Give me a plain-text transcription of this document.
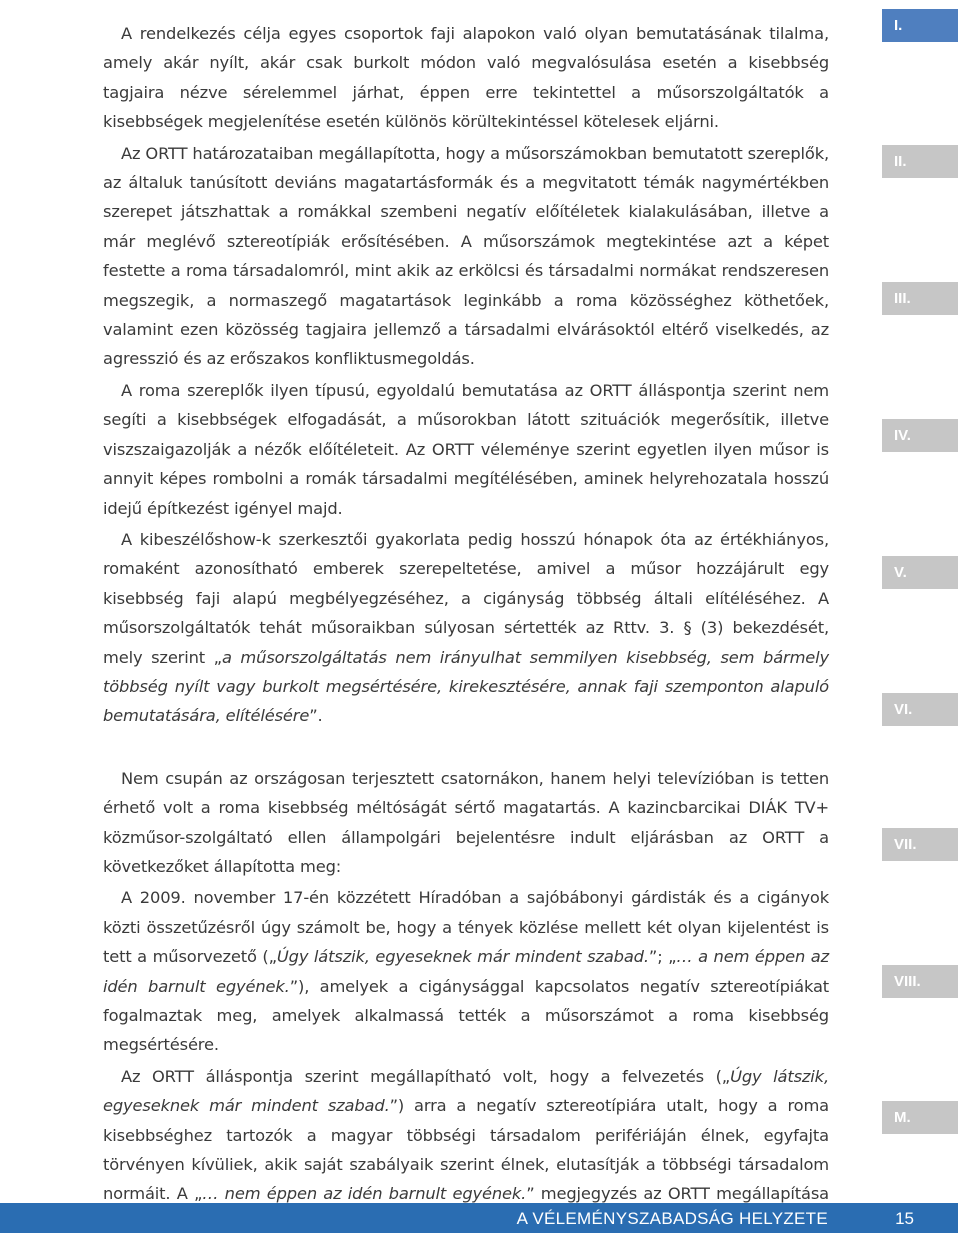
A rendelkezés célja egyes csoportok faji alapokon való olyan bemutatásának tilalma, amely akár nyílt, akár csak burkolt módon való megvalósulása esetén a kisebbség tagjaira nézve sérelemmel járhat, éppen erre tekintettel a műsorszolgáltatók a kisebbségek megjelenítése esetén különös körültekintéssel kötelesek eljárni.

Az ORTT határozataiban megállapította, hogy a műsorszámokban bemutatott szereplők, az általuk tanúsított deviáns magatartásformák és a megvitatott témák nagymértékben szerepet játszhattak a romákkal szembeni negatív előítéletek kialakulásában, illetve a már meglévő sztereotípiák erősítésében. A műsorszámok megtekintése azt a képet festette a roma társadalomról, mint akik az erkölcsi és társadalmi normákat rendszeresen megszegik, a normaszegő magatartások leginkább a roma közösséghez köthetőek, valamint ezen közösség tagjaira jellemző a társadalmi elvárásoktól eltérő viselkedés, az agresszió és az erőszakos konfliktusmegoldás.

A roma szereplők ilyen típusú, egyoldalú bemutatása az ORTT álláspontja szerint nem segíti a kisebbségek elfogadását, a műsorokban látott szituációk megerősítik, illetve viszszaigazolják a nézők előítéleteit. Az ORTT véleménye szerint egyetlen ilyen műsor is annyit képes rombolni a romák társadalmi megítélésében, aminek helyrehozatala hosszú idejű építkezést igényel majd.

A kibeszélőshow-k szerkesztői gyakorlata pedig hosszú hónapok óta az értékhiányos, romaként azonosítható emberek szerepeltetése, amivel a műsor hozzájárult egy kisebbség faji alapú megbélyegzéséhez, a cigányság többség általi elítéléséhez. A műsorszolgáltatók tehát műsoraikban súlyosan sértették az Rttv. 3. § (3) bekezdését, mely szerint „a műsorszolgáltatás nem irányulhat semmilyen kisebbség, sem bármely többség nyílt vagy burkolt megsértésére, kirekesztésére, annak faji szemponton alapuló bemutatására, elítélésére”.

Nem csupán az országosan terjesztett csatornákon, hanem helyi televízióban is tetten érhető volt a roma kisebbség méltóságát sértő magatartás. A kazincbarcikai DIÁK TV+ közműsor-szolgáltató ellen állampolgári bejelentésre indult eljárásban az ORTT a következőket állapította meg:

A 2009. november 17-én közzétett Híradóban a sajóbábonyi gárdisták és a cigányok közti összetűzésről úgy számolt be, hogy a tények közlése mellett két olyan kijelentést is tett a műsorvezető („Úgy látszik, egyeseknek már mindent szabad.”; „… a nem éppen az idén barnult egyének.”), amelyek a cigánysággal kapcsolatos negatív sztereotípiákat fogalmaztak meg, amelyek alkalmassá tették a műsorszámot a roma kisebbség megsértésére.

Az ORTT álláspontja szerint megállapítható volt, hogy a felvezetés („Úgy látszik, egyeseknek már mindent szabad.”) arra a negatív sztereotípiára utalt, hogy a roma kisebbséghez tartozók a magyar többségi társadalom perifériáján élnek, egyfajta törvényen kívüliek, akik saját szabályaik szerint élnek, elutasítják a többségi társadalom normáit. A „… nem éppen az idén barnult egyének.” megjegyzés az ORTT megállapítása

I.
II.
III.
IV.
V.
VI.
VII.
VIII.
M.
A VÉLEMÉNYSZABADSÁG HELYZETE	15
